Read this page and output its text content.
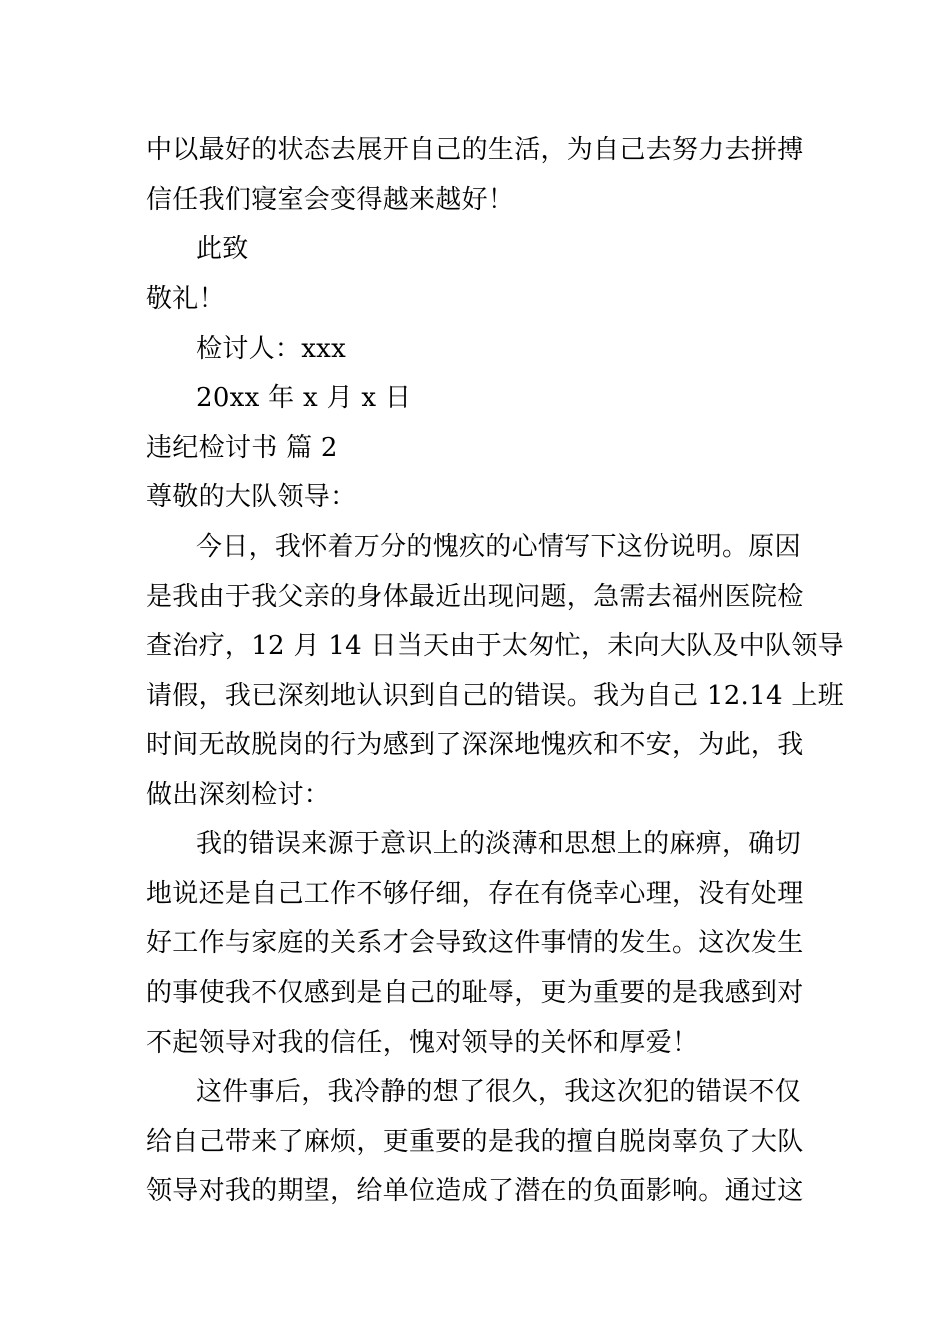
中以最好的状态去展开自己的生活，为自己去努力去拼搏
信任我们寝室会变得越来越好！
此致
敬礼！
检讨人：xxx
20xx 年 x 月 x 日
违纪检讨书 篇 2
尊敬的大队领导：
今日，我怀着万分的愧疚的心情写下这份说明。原因
是我由于我父亲的身体最近出现问题，急需去福州医院检
查治疗，12 月 14 日当天由于太匆忙，未向大队及中队领导
请假，我已深刻地认识到自己的错误。我为自己 12.14 上班
时间无故脱岗的行为感到了深深地愧疚和不安，为此，我
做出深刻检讨：
我的错误来源于意识上的淡薄和思想上的麻痹，确切
地说还是自己工作不够仔细，存在有侥幸心理，没有处理
好工作与家庭的关系才会导致这件事情的发生。这次发生
的事使我不仅感到是自己的耻辱，更为重要的是我感到对
不起领导对我的信任，愧对领导的关怀和厚爱！
这件事后，我冷静的想了很久，我这次犯的错误不仅
给自己带来了麻烦，更重要的是我的擅自脱岗辜负了大队
领导对我的期望，给单位造成了潜在的负面影响。通过这
